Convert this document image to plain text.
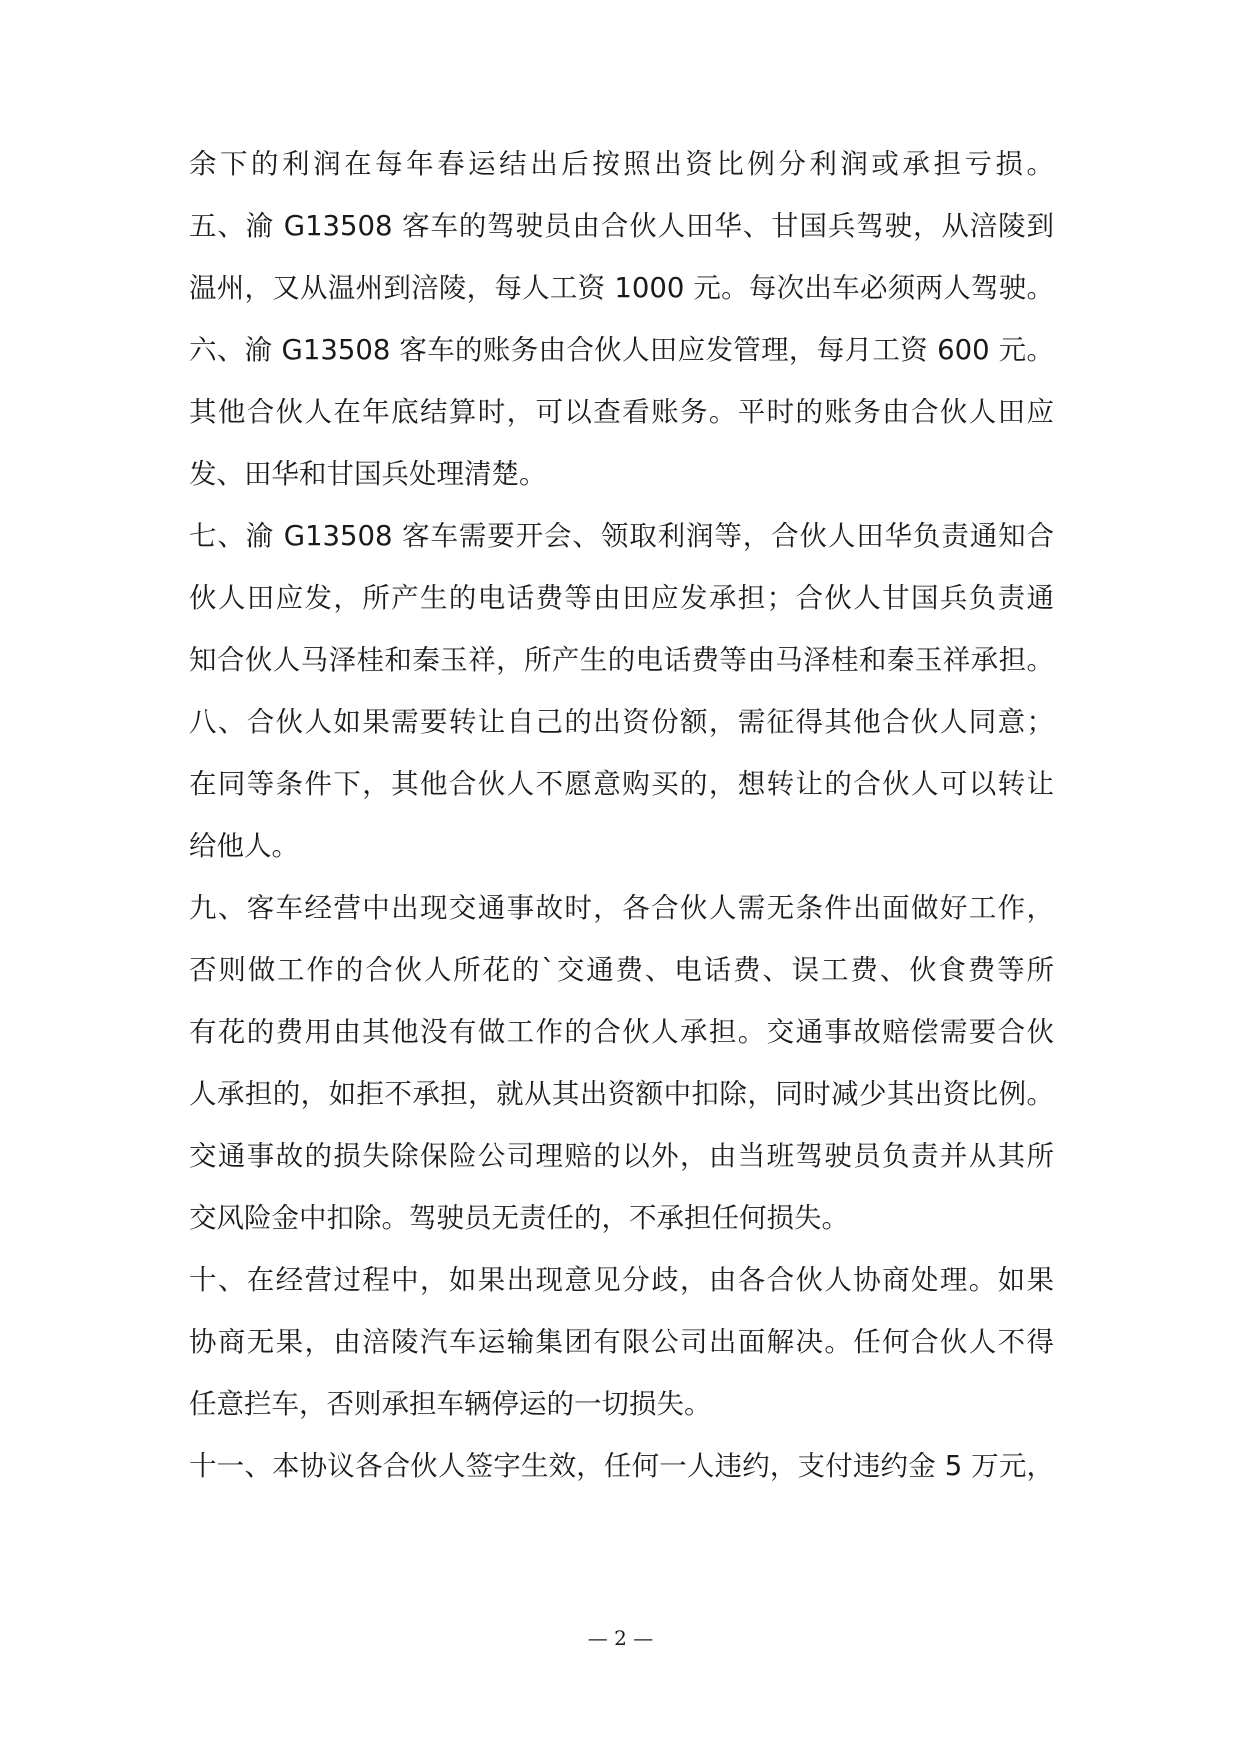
余下的利润在每年春运结出后按照出资比例分利润或承担亏损。

五、渝 G13508 客车的驾驶员由合伙人田华、甘国兵驾驶，从涪陵到

温州，又从温州到涪陵，每人工资 1000 元。每次出车必须两人驾驶。

六、渝 G13508 客车的账务由合伙人田应发管理，每月工资 600 元。

其他合伙人在年底结算时，可以查看账务。平时的账务由合伙人田应

发、田华和甘国兵处理清楚。

七、渝 G13508 客车需要开会、领取利润等，合伙人田华负责通知合

伙人田应发，所产生的电话费等由田应发承担；合伙人甘国兵负责通

知合伙人马泽桂和秦玉祥，所产生的电话费等由马泽桂和秦玉祥承担。

八、合伙人如果需要转让自己的出资份额，需征得其他合伙人同意；

在同等条件下，其他合伙人不愿意购买的，想转让的合伙人可以转让

给他人。

九、客车经营中出现交通事故时，各合伙人需无条件出面做好工作，

否则做工作的合伙人所花的`交通费、电话费、误工费、伙食费等所

有花的费用由其他没有做工作的合伙人承担。交通事故赔偿需要合伙

人承担的，如拒不承担，就从其出资额中扣除，同时减少其出资比例。

交通事故的损失除保险公司理赔的以外，由当班驾驶员负责并从其所

交风险金中扣除。驾驶员无责任的，不承担任何损失。

十、在经营过程中，如果出现意见分歧，由各合伙人协商处理。如果

协商无果，由涪陵汽车运输集团有限公司出面解决。任何合伙人不得

任意拦车，否则承担车辆停运的一切损失。

十一、本协议各合伙人签字生效，任何一人违约，支付违约金 5 万元，

— 2 —
